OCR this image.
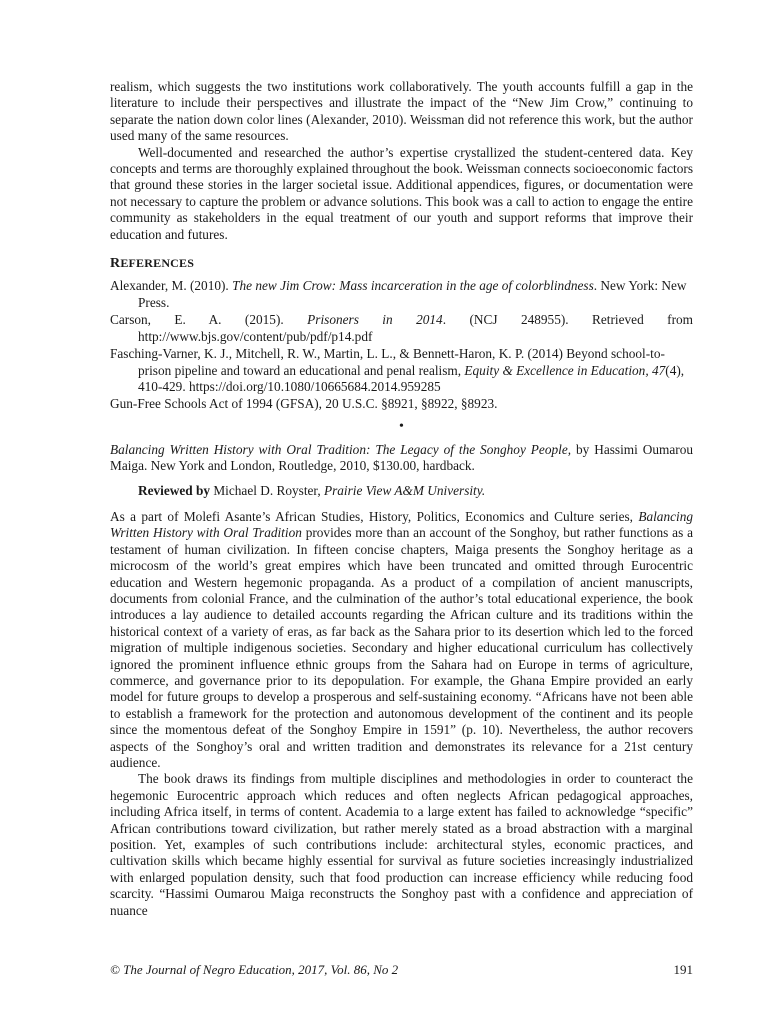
realism, which suggests the two institutions work collaboratively. The youth accounts fulfill a gap in the literature to include their perspectives and illustrate the impact of the “New Jim Crow,” continuing to separate the nation down color lines (Alexander, 2010). Weissman did not reference this work, but the author used many of the same resources.

Well-documented and researched the author’s expertise crystallized the student-centered data. Key concepts and terms are thoroughly explained throughout the book. Weissman connects socioeconomic factors that ground these stories in the larger societal issue. Additional appendices, figures, or documentation were not necessary to capture the problem or advance solutions. This book was a call to action to engage the entire community as stakeholders in the equal treatment of our youth and support reforms that improve their education and futures.

REFERENCES
Alexander, M. (2010). The new Jim Crow: Mass incarceration in the age of colorblindness. New York: New Press.
Carson, E. A. (2015). Prisoners in 2014. (NCJ 248955). Retrieved from http://www.bjs.gov/content/pub/pdf/p14.pdf
Fasching-Varner, K. J., Mitchell, R. W., Martin, L. L., & Bennett-Haron, K. P. (2014) Beyond school-to-prison pipeline and toward an educational and penal realism, Equity & Excellence in Education, 47(4), 410-429. https://doi.org/10.1080/10665684.2014.959285
Gun-Free Schools Act of 1994 (GFSA), 20 U.S.C. §8921, §8922, §8923.
•

Balancing Written History with Oral Tradition: The Legacy of the Songhoy People, by Hassimi Oumarou Maiga. New York and London, Routledge, 2010, $130.00, hardback.

Reviewed by Michael D. Royster, Prairie View A&M University.

As a part of Molefi Asante’s African Studies, History, Politics, Economics and Culture series, Balancing Written History with Oral Tradition provides more than an account of the Songhoy, but rather functions as a testament of human civilization. In fifteen concise chapters, Maiga presents the Songhoy heritage as a microcosm of the world’s great empires which have been truncated and omitted through Eurocentric education and Western hegemonic propaganda. As a product of a compilation of ancient manuscripts, documents from colonial France, and the culmination of the author’s total educational experience, the book introduces a lay audience to detailed accounts regarding the African culture and its traditions within the historical context of a variety of eras, as far back as the Sahara prior to its desertion which led to the forced migration of multiple indigenous societies. Secondary and higher educational curriculum has collectively ignored the prominent influence ethnic groups from the Sahara had on Europe in terms of agriculture, commerce, and governance prior to its depopulation. For example, the Ghana Empire provided an early model for future groups to develop a prosperous and self-sustaining economy. “Africans have not been able to establish a framework for the protection and autonomous development of the continent and its people since the momentous defeat of the Songhoy Empire in 1591” (p. 10). Nevertheless, the author recovers aspects of the Songhoy’s oral and written tradition and demonstrates its relevance for a 21st century audience.

The book draws its findings from multiple disciplines and methodologies in order to counteract the hegemonic Eurocentric approach which reduces and often neglects African pedagogical approaches, including Africa itself, in terms of content. Academia to a large extent has failed to acknowledge “specific” African contributions toward civilization, but rather merely stated as a broad abstraction with a marginal position. Yet, examples of such contributions include: architectural styles, economic practices, and cultivation skills which became highly essential for survival as future societies increasingly industrialized with enlarged population density, such that food production can increase efficiency while reducing food scarcity. “Hassimi Oumarou Maiga reconstructs the Songhoy past with a confidence and appreciation of nuance

© The Journal of Negro Education, 2017, Vol. 86, No 2	191
